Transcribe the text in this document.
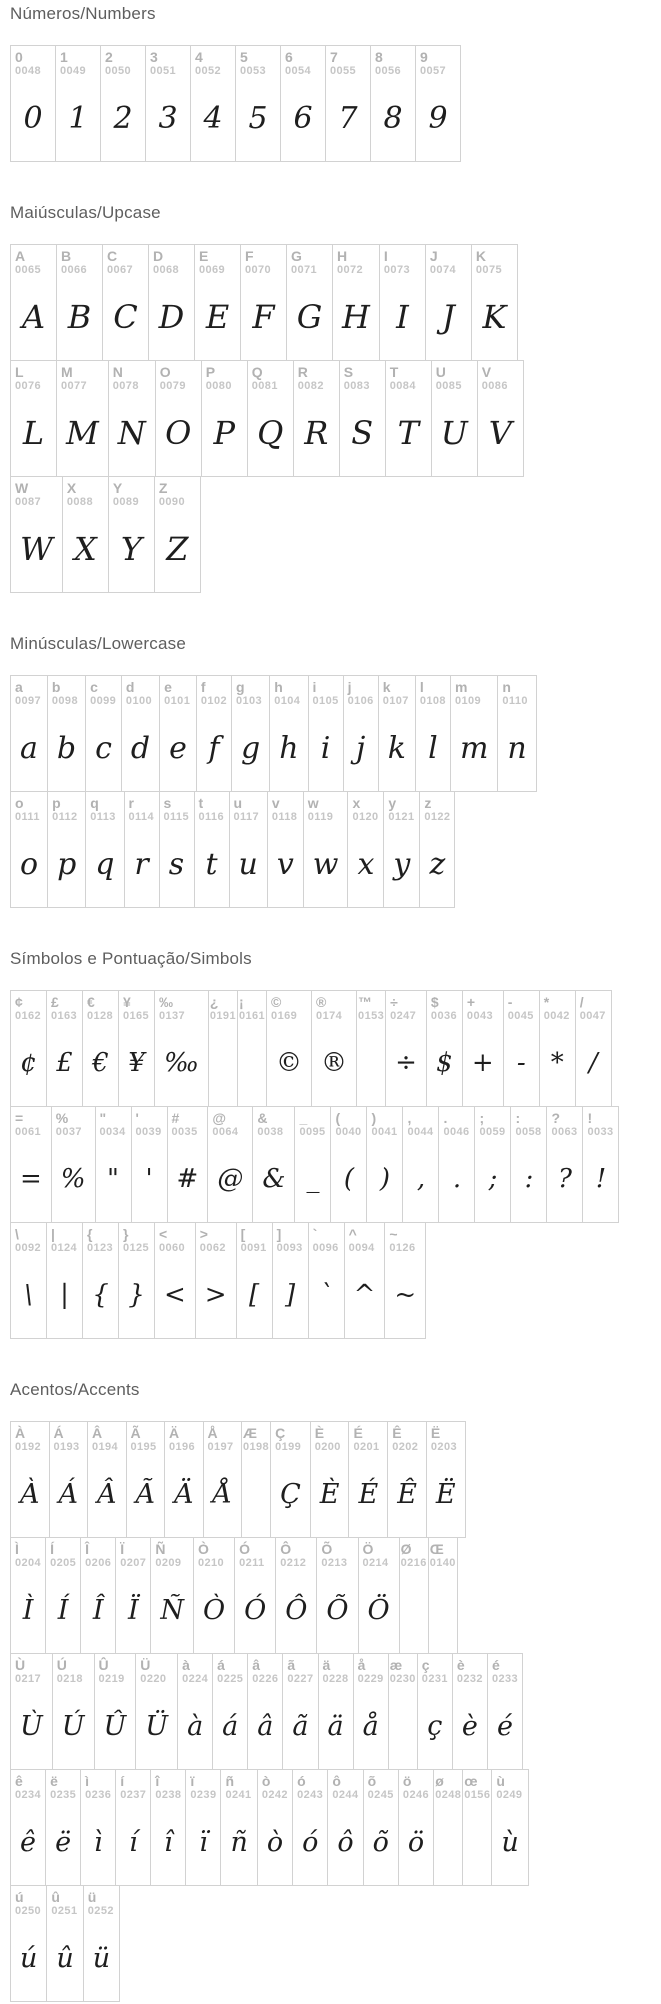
Números/Numbers
0
0048
0
1
0049
1
2
0050
2
3
0051
3
4
0052
4
5
0053
5
6
0054
6
7
0055
7
8
0056
8
9
0057
9
Maiúsculas/Upcase
A
0065
A
B
0066
B
C
0067
C
D
0068
D
E
0069
E
F
0070
F
G
0071
G
H
0072
H
I
0073
I
J
0074
J
K
0075
K
L
0076
L
M
0077
M
N
0078
N
O
0079
O
P
0080
P
Q
0081
Q
R
0082
R
S
0083
S
T
0084
T
U
0085
U
V
0086
V
W
0087
W
X
0088
X
Y
0089
Y
Z
0090
Z
Minúsculas/Lowercase
a
0097
a
b
0098
b
c
0099
c
d
0100
d
e
0101
e
f
0102
f
g
0103
g
h
0104
h
i
0105
i
j
0106
j
k
0107
k
l
0108
l
m
0109
m
n
0110
n
o
0111
o
p
0112
p
q
0113
q
r
0114
r
s
0115
s
t
0116
t
u
0117
u
v
0118
v
w
0119
w
x
0120
x
y
0121
y
z
0122
z
Símbolos e Pontuação/Simbols
¢
0162
¢
£
0163
£
€
0128
€
¥
0165
¥
‰
0137
‰
¿
0191
¡
0161
©
0169
©
®
0174
®
™
0153
÷
0247
÷
$
0036
$
+
0043
+
-
0045
-
*
0042
*
/
0047
/
=
0061
=
%
0037
%
"
0034
"
'
0039
'
#
0035
#
@
0064
@
&
0038
&
_
0095
_
(
0040
(
)
0041
)
,
0044
,
.
0046
.
;
0059
;
:
0058
:
?
0063
?
!
0033
!
\
0092
\
|
0124
|
{
0123
{
}
0125
}
<
0060
<
>
0062
>
[
0091
[
]
0093
]
`
0096
`
^
0094
^
~
0126
~
Acentos/Accents
À
0192
À
Á
0193
Á
Â
0194
Â
Ã
0195
Ã
Ä
0196
Ä
Å
0197
Å
Æ
0198
Ç
0199
Ç
È
0200
È
É
0201
É
Ê
0202
Ê
Ë
0203
Ë
Ì
0204
Ì
Í
0205
Í
Î
0206
Î
Ï
0207
Ï
Ñ
0209
Ñ
Ò
0210
Ò
Ó
0211
Ó
Ô
0212
Ô
Õ
0213
Õ
Ö
0214
Ö
Ø
0216
Œ
0140
Ù
0217
Ù
Ú
0218
Ú
Û
0219
Û
Ü
0220
Ü
à
0224
à
á
0225
á
â
0226
â
ã
0227
ã
ä
0228
ä
å
0229
å
æ
0230
ç
0231
ç
è
0232
è
é
0233
é
ê
0234
ê
ë
0235
ë
ì
0236
ì
í
0237
í
î
0238
î
ï
0239
ï
ñ
0241
ñ
ò
0242
ò
ó
0243
ó
ô
0244
ô
õ
0245
õ
ö
0246
ö
ø
0248
œ
0156
ù
0249
ù
ú
0250
ú
û
0251
û
ü
0252
ü
